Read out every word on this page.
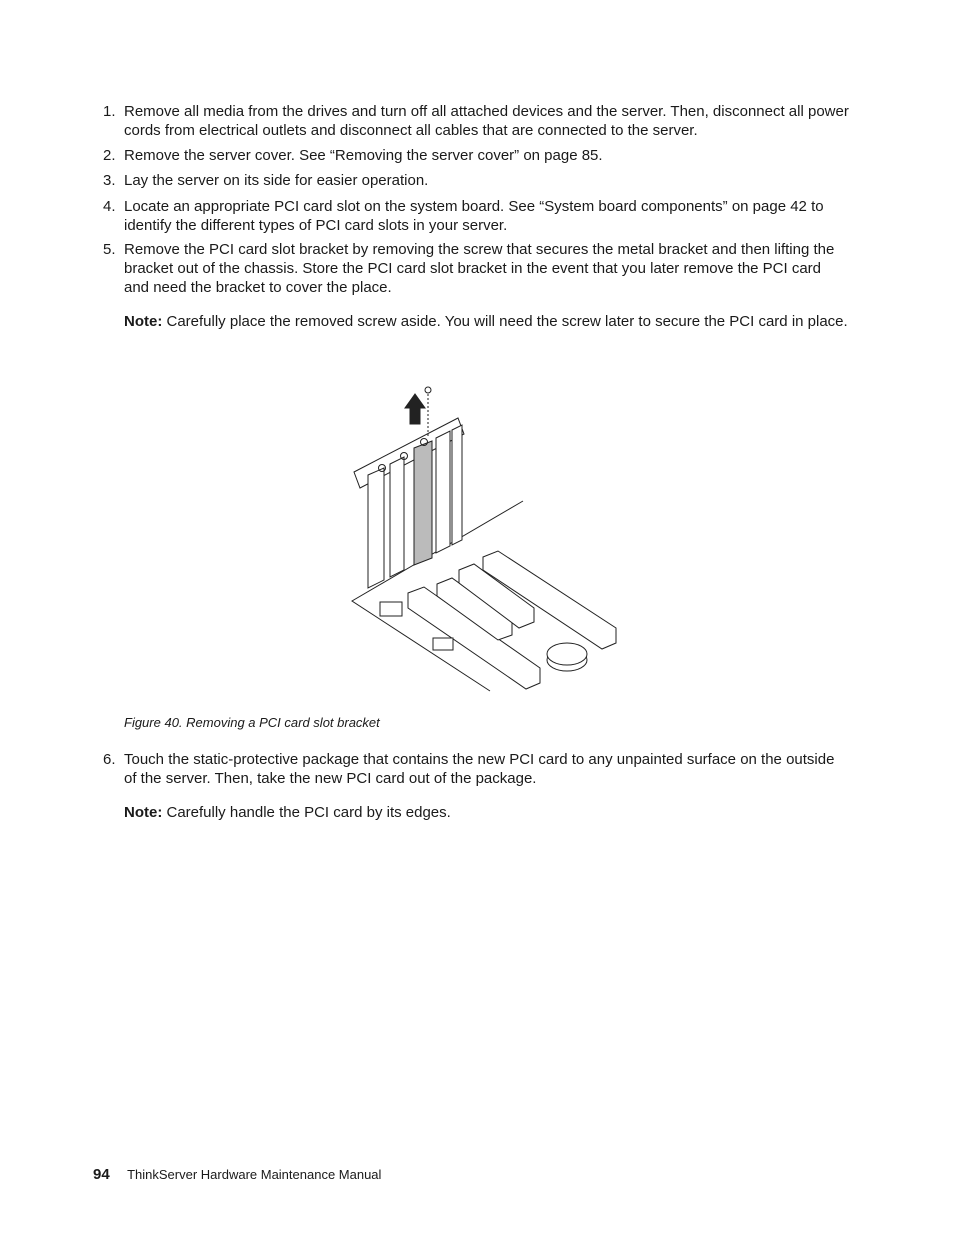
1. Remove all media from the drives and turn off all attached devices and the server. Then, disconnect all power cords from electrical outlets and disconnect all cables that are connected to the server.
2. Remove the server cover. See “Removing the server cover” on page 85.
3. Lay the server on its side for easier operation.
4. Locate an appropriate PCI card slot on the system board. See “System board components” on page 42 to identify the different types of PCI card slots in your server.
5. Remove the PCI card slot bracket by removing the screw that secures the metal bracket and then lifting the bracket out of the chassis. Store the PCI card slot bracket in the event that you later remove the PCI card and need the bracket to cover the place.
Note: Carefully place the removed screw aside. You will need the screw later to secure the PCI card in place.
Figure 40. Removing a PCI card slot bracket
6. Touch the static-protective package that contains the new PCI card to any unpainted surface on the outside of the server. Then, take the new PCI card out of the package.
Note: Carefully handle the PCI card by its edges.
94 ThinkServer Hardware Maintenance Manual
